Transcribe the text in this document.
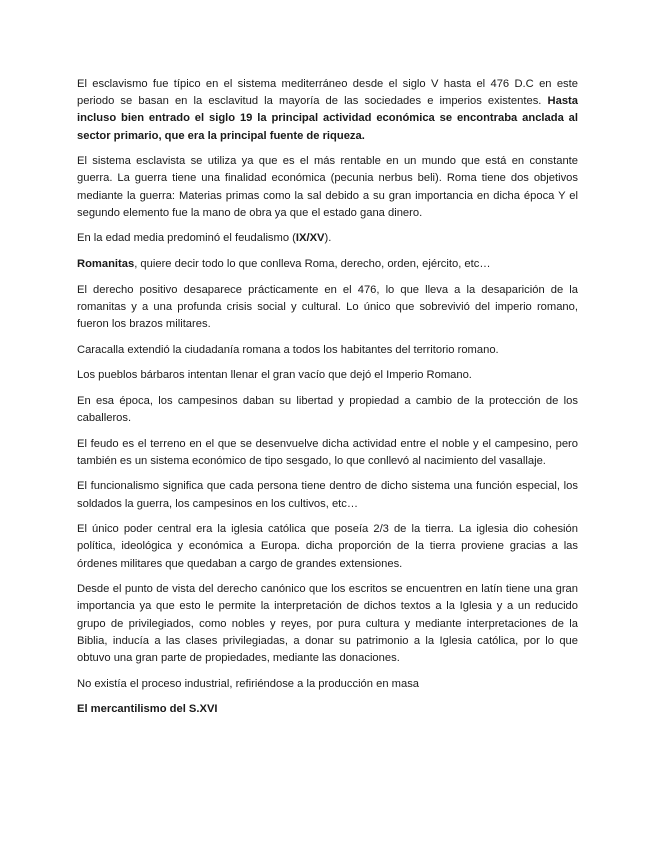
El esclavismo fue típico en el sistema mediterráneo desde el siglo V hasta el 476 D.C en este periodo se basan en la esclavitud la mayoría de las sociedades e imperios existentes. Hasta incluso bien entrado el siglo 19 la principal actividad económica se encontraba anclada al sector primario, que era la principal fuente de riqueza.

El sistema esclavista se utiliza ya que es el más rentable en un mundo que está en constante guerra. La guerra tiene una finalidad económica (pecunia nerbus beli). Roma tiene dos objetivos mediante la guerra: Materias primas como la sal debido a su gran importancia en dicha época Y el segundo elemento fue la mano de obra ya que el estado gana dinero.

En la edad media predominó el feudalismo (IX/XV).

Romanitas, quiere decir todo lo que conlleva Roma, derecho, orden, ejército, etc…

El derecho positivo desaparece prácticamente en el 476, lo que lleva a la desaparición de la romanitas y a una profunda crisis social y cultural. Lo único que sobrevivió del imperio romano, fueron los brazos militares.

Caracalla extendió la ciudadanía romana a todos los habitantes del territorio romano.

Los pueblos bárbaros intentan llenar el gran vacío que dejó el Imperio Romano.

En esa época, los campesinos daban su libertad y propiedad a cambio de la protección de los caballeros.

El feudo es el terreno en el que se desenvuelve dicha actividad entre el noble y el campesino, pero también es un sistema económico de tipo sesgado, lo que conllevó al nacimiento del vasallaje.

El funcionalismo significa que cada persona tiene dentro de dicho sistema una función especial, los soldados la guerra, los campesinos en los cultivos, etc…

El único poder central era la iglesia católica que poseía 2/3 de la tierra. La iglesia dio cohesión política, ideológica y económica a Europa. dicha proporción de la tierra proviene gracias a las órdenes militares que quedaban a cargo de grandes extensiones.

Desde el punto de vista del derecho canónico que los escritos se encuentren en latín tiene una gran importancia ya que esto le permite la interpretación de dichos textos a la Iglesia y a un reducido grupo de privilegiados, como nobles y reyes, por pura cultura y mediante interpretaciones de la Biblia, inducía a las clases privilegiadas, a donar su patrimonio a la Iglesia católica, por lo que obtuvo una gran parte de propiedades, mediante las donaciones.

No existía el proceso industrial, refiriéndose a la producción en masa

El mercantilismo del S.XVI
